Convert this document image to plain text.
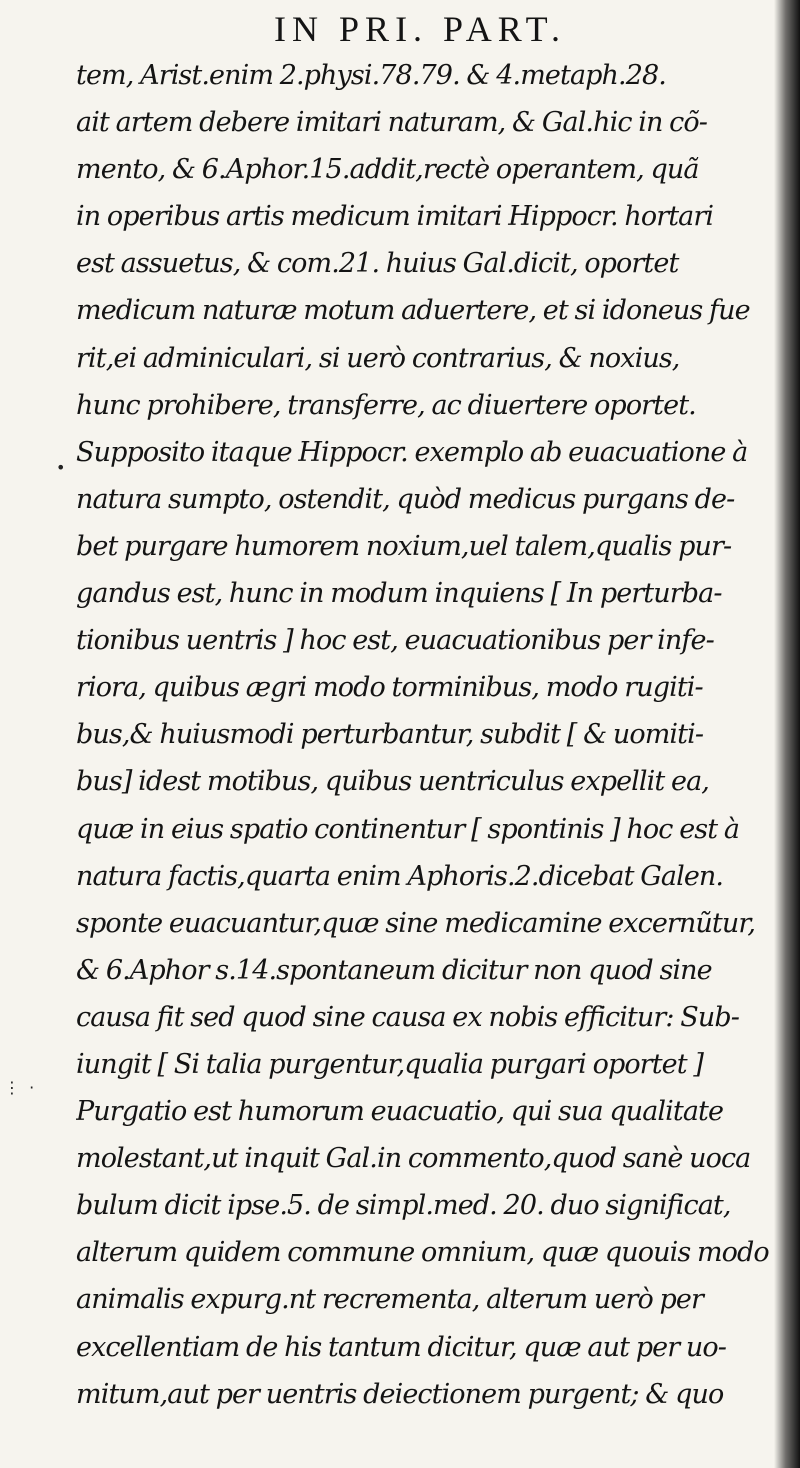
IN PRI. PART.
•
⋮ ·
tem, Arist.enim 2.physi.78.79. & 4.metaph.28.
ait artem debere imitari naturam, & Gal.hic in cõ-
mento, & 6.Aphor.15.addit,rectè operantem, quã
in operibus artis medicum imitari Hippocr. hortari
est assuetus, & com.21. huius Gal.dicit, oportet
medicum naturæ motum aduertere, et si idoneus fue
rit,ei adminiculari, si uerò contrarius, & noxius,
hunc prohibere, transferre, ac diuertere oportet.
Supposito itaque Hippocr. exemplo ab euacuatione à
natura sumpto, ostendit, quòd medicus purgans de-
bet purgare humorem noxium,uel talem,qualis pur-
gandus est, hunc in modum inquiens [ In perturba-
tionibus uentris ] hoc est, euacuationibus per infe-
riora, quibus ægri modo torminibus, modo rugiti-
bus,& huiusmodi perturbantur, subdit [ & uomiti-
bus] idest motibus, quibus uentriculus expellit ea,
quæ in eius spatio continentur [ spontinis ] hoc est à
natura factis,quarta enim Aphoris.2.dicebat Galen.
sponte euacuantur,quæ sine medicamine excernũtur,
& 6.Aphor s.14.spontaneum dicitur non quod sine
causa fit sed quod sine causa ex nobis efficitur: Sub-
iungit [ Si talia purgentur,qualia purgari oportet ]
Purgatio est humorum euacuatio, qui sua qualitate
molestant,ut inquit Gal.in commento,quod sanè uoca
bulum dicit ipse.5. de simpl.med. 20. duo significat,
alterum quidem commune omnium, quæ quouis modo
animalis expurg.nt recrementa, alterum uerò per
excellentiam de his tantum dicitur, quæ aut per uo-
mitum,aut per uentris deiectionem purgent; & quo
